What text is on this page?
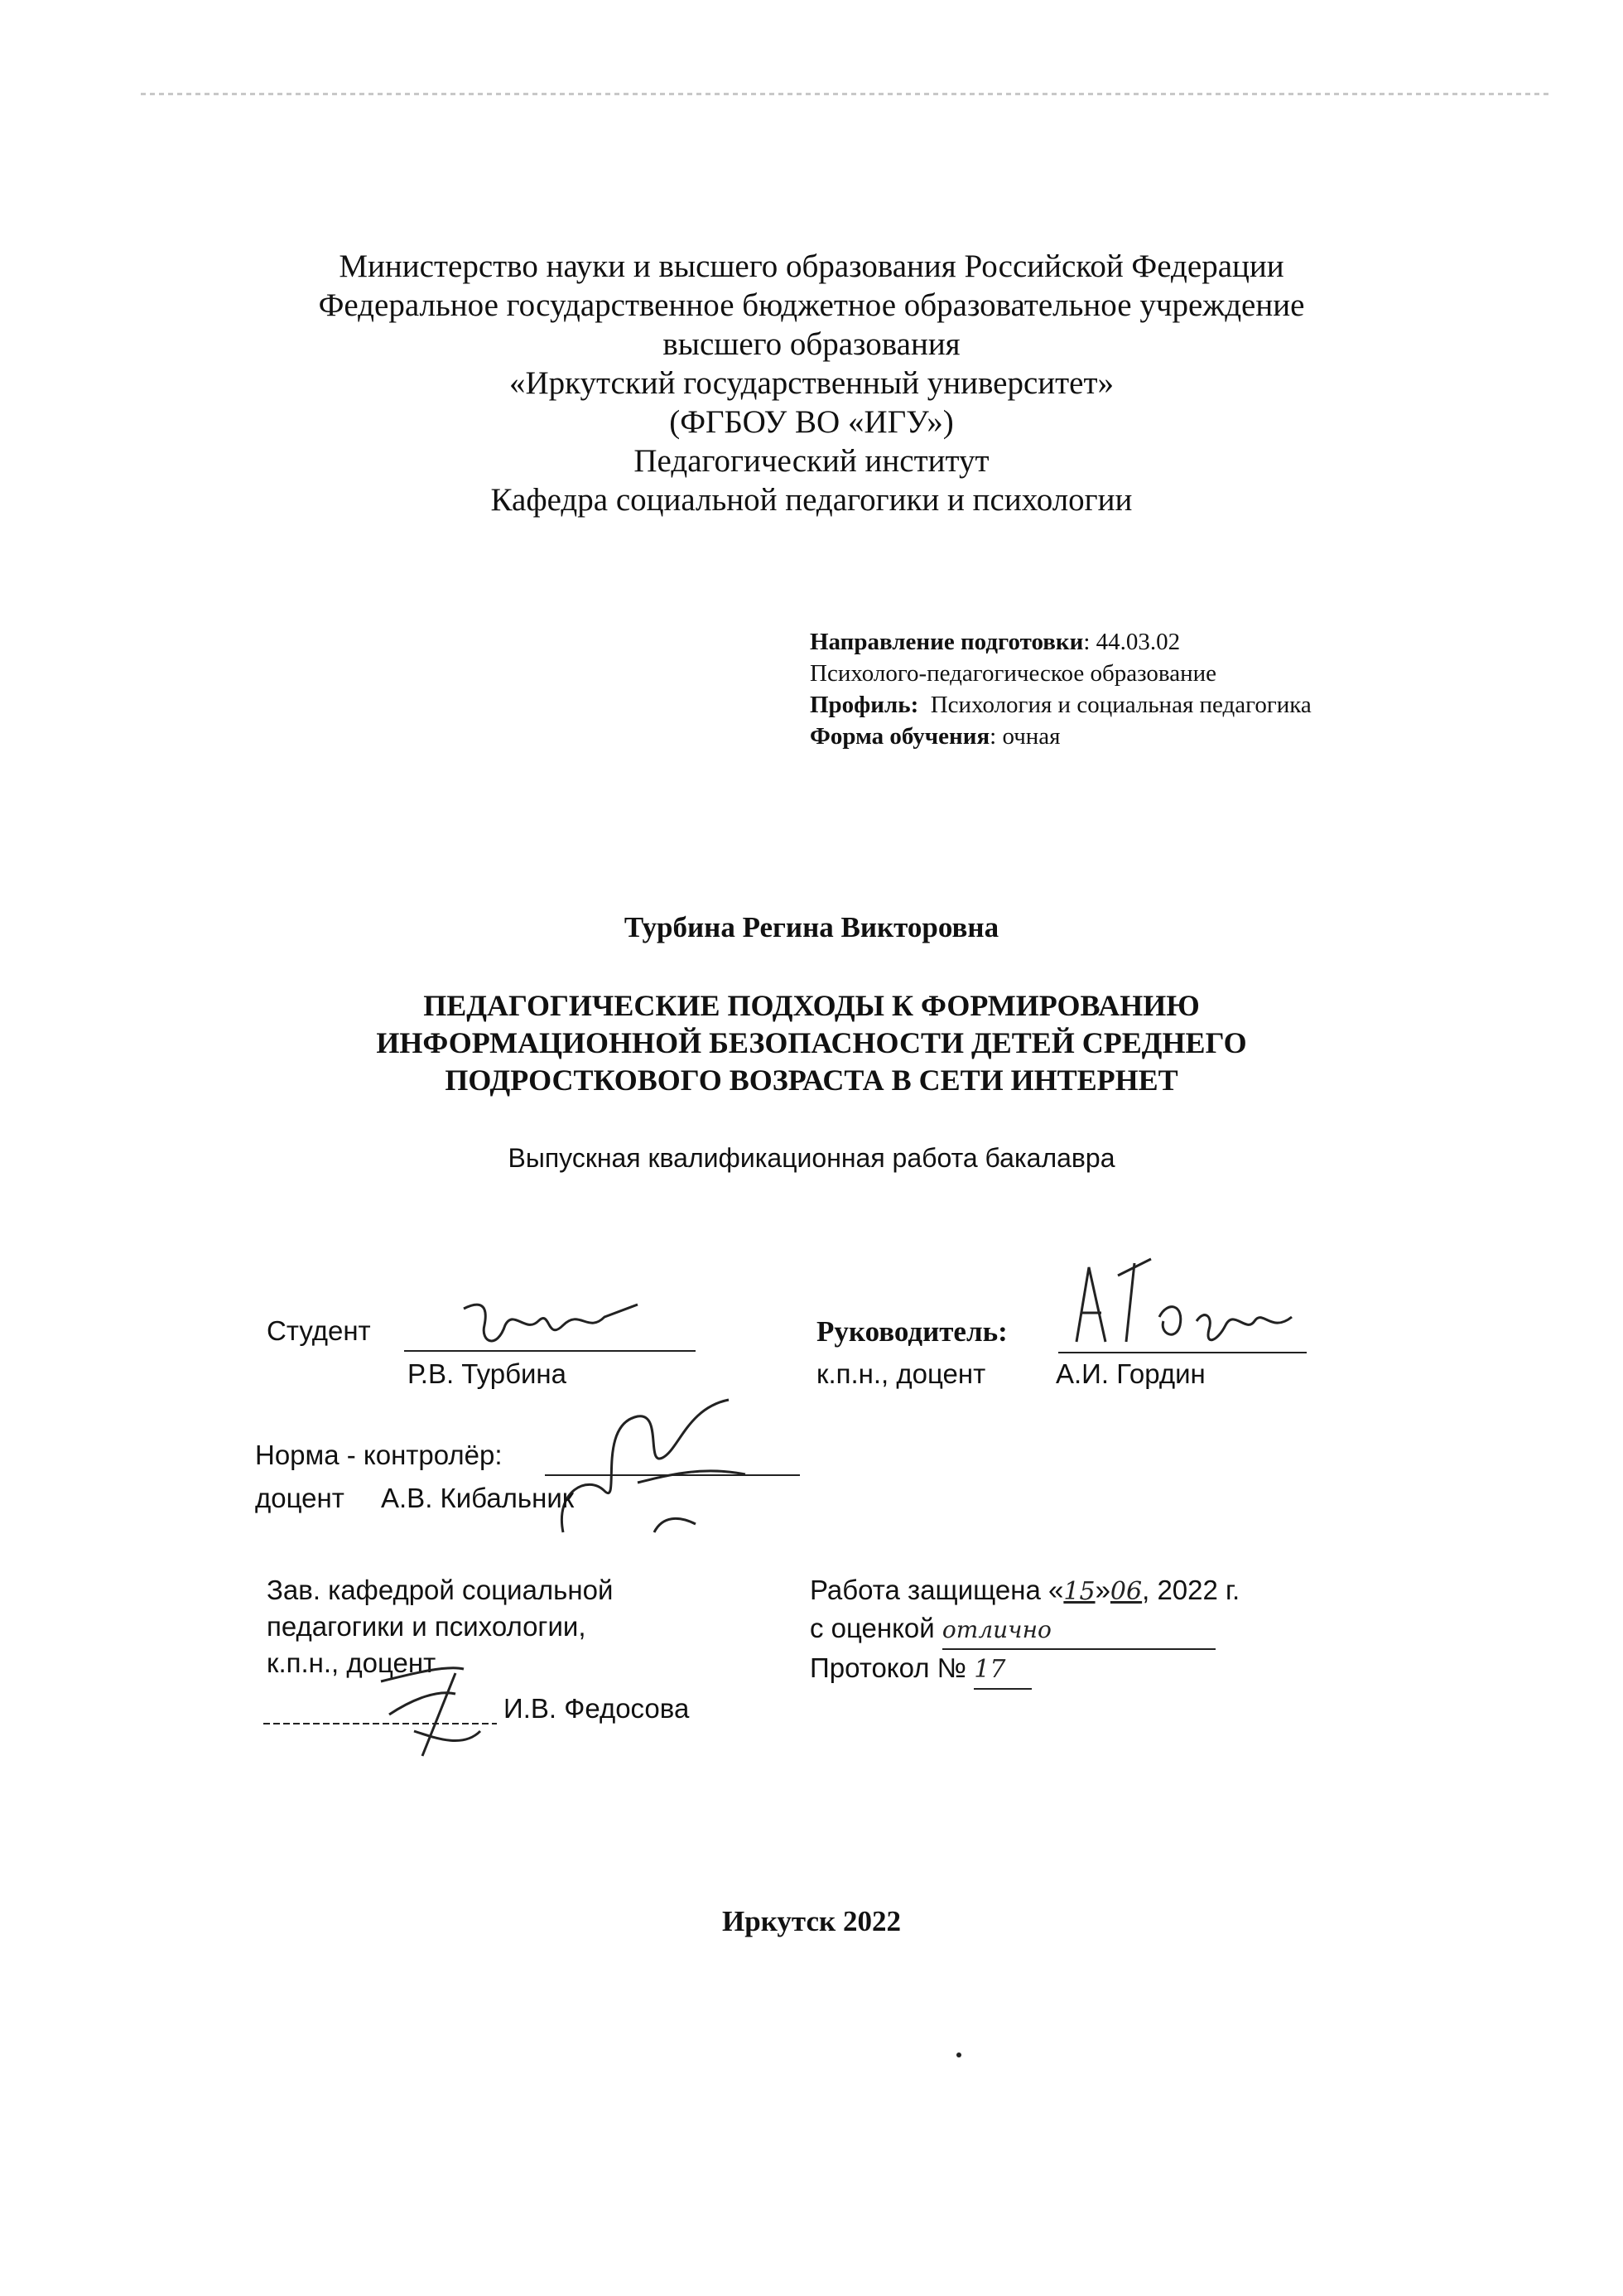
Министерство науки и высшего образования Российской Федерации
Федеральное государственное бюджетное образовательное учреждение
высшего образования
«Иркутский государственный университет»
(ФГБОУ ВО «ИГУ»)
Педагогический институт
Кафедра социальной педагогики и психологии
Направление подготовки: 44.03.02
Психолого-педагогическое образование
Профиль: Психология и социальная педагогика
Форма обучения: очная
Турбина Регина Викторовна
ПЕДАГОГИЧЕСКИЕ ПОДХОДЫ К ФОРМИРОВАНИЮ
ИНФОРМАЦИОННОЙ БЕЗОПАСНОСТИ ДЕТЕЙ СРЕДНЕГО
ПОДРОСТКОВОГО ВОЗРАСТА В СЕТИ ИНТЕРНЕТ
Выпускная квалификационная работа бакалавра
Студент
Р.В. Турбина
Руководитель:
к.п.н., доцент	А.И. Гордин
Норма - контролёр:
доцент А.В. Кибальник
Зав. кафедрой социальной
педагогики и психологии,
к.п.н., доцент
И.В. Федосова
Работа защищена «15»06, 2022 г.
с оценкой отлично
Протокол № 17
Иркутск 2022
